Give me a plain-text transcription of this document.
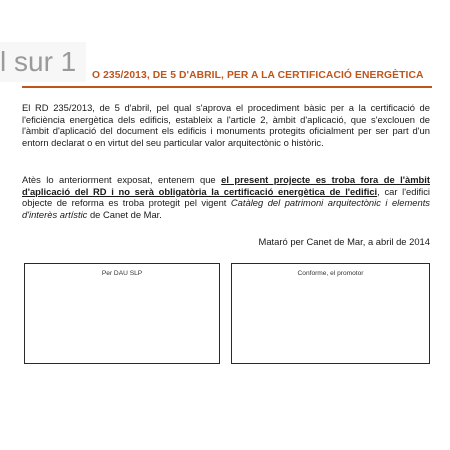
l sur 1	O 235/2013, DE 5 D'ABRIL, PER A LA CERTIFICACIÓ ENERGÈTICA
El RD 235/2013, de 5 d'abril, pel qual s'aprova el procediment bàsic per a la certificació de l'eficiència energètica dels edificis, estableix a l'article 2, àmbit d'aplicació, que s'exclouen de l'àmbit d'aplicació del document els edificis i monuments protegits oficialment per ser part d'un entorn declarat o en virtut del seu particular valor arquitectònic o històric.
Atès lo anteriorment exposat, entenem que el present projecte es troba fora de l'àmbit d'aplicació del RD i no serà obligatòria la certificació energètica de l'edifici, car l'edifici objecte de reforma es troba protegit pel vigent Catàleg del patrimoni arquitectònic i elements d'interès artístic de Canet de Mar.
Mataró per Canet de Mar, a abril de 2014
Per DAU SLP	Conforme, el promotor
